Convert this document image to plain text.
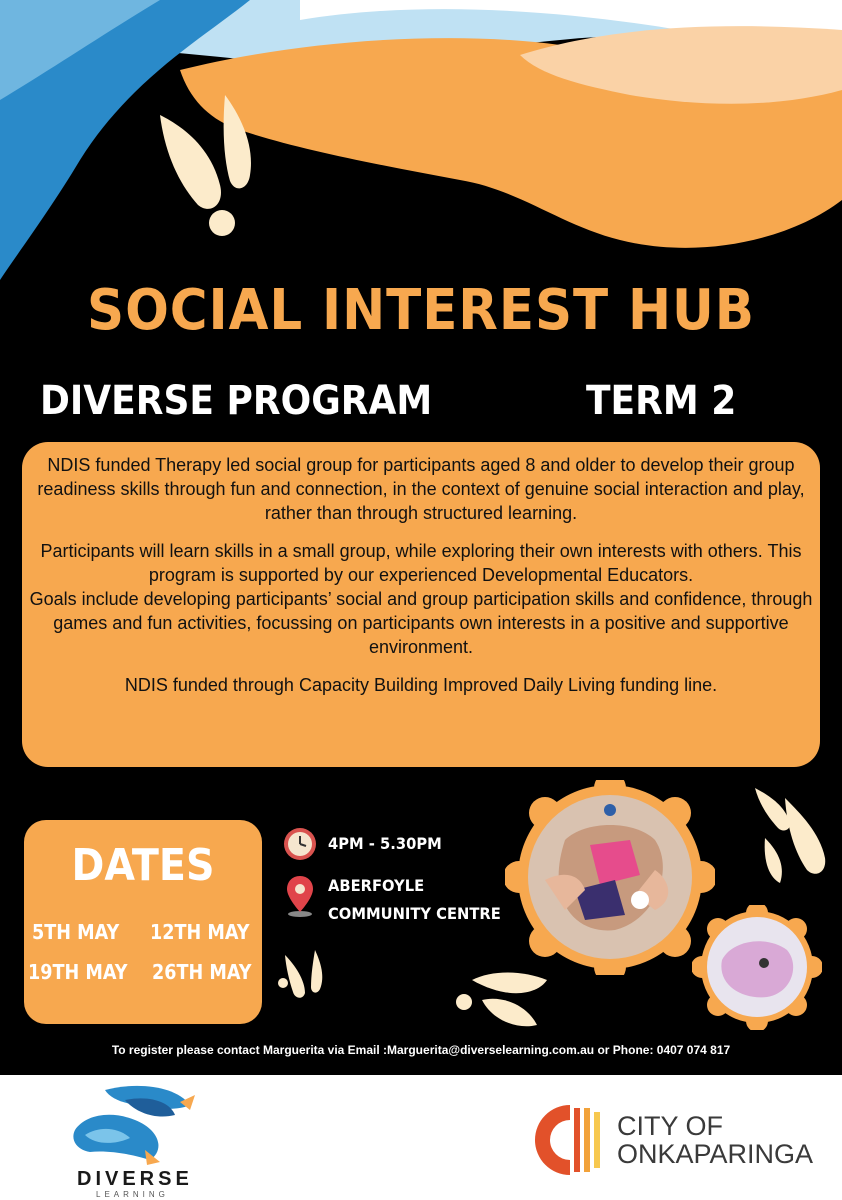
SOCIAL INTEREST HUB
DIVERSE PROGRAM	TERM 2

NDIS funded Therapy led social group for participants aged 8 and older to develop their group readiness skills through fun and connection, in the context of genuine social interaction and play, rather than through structured learning.

Participants will learn skills in a small group, while exploring their own interests with others. This program is supported by our experienced Developmental Educators.

Goals include developing participants’ social and group participation skills and confidence, through games and fun activities, focussing on participants own interests in a positive and supportive environment.

NDIS funded through Capacity Building Improved Daily Living funding line.

DATES
5TH MAY 12TH MAY
19TH MAY 26TH MAY
4PM - 5.30PM
ABERFOYLE
COMMUNITY CENTRE
To register please contact Marguerita via Email :Marguerita@diverselearning.com.au or Phone: 0407 074 817
DIVERSE
LEARNING
CITY OF
ONKAPARINGA
